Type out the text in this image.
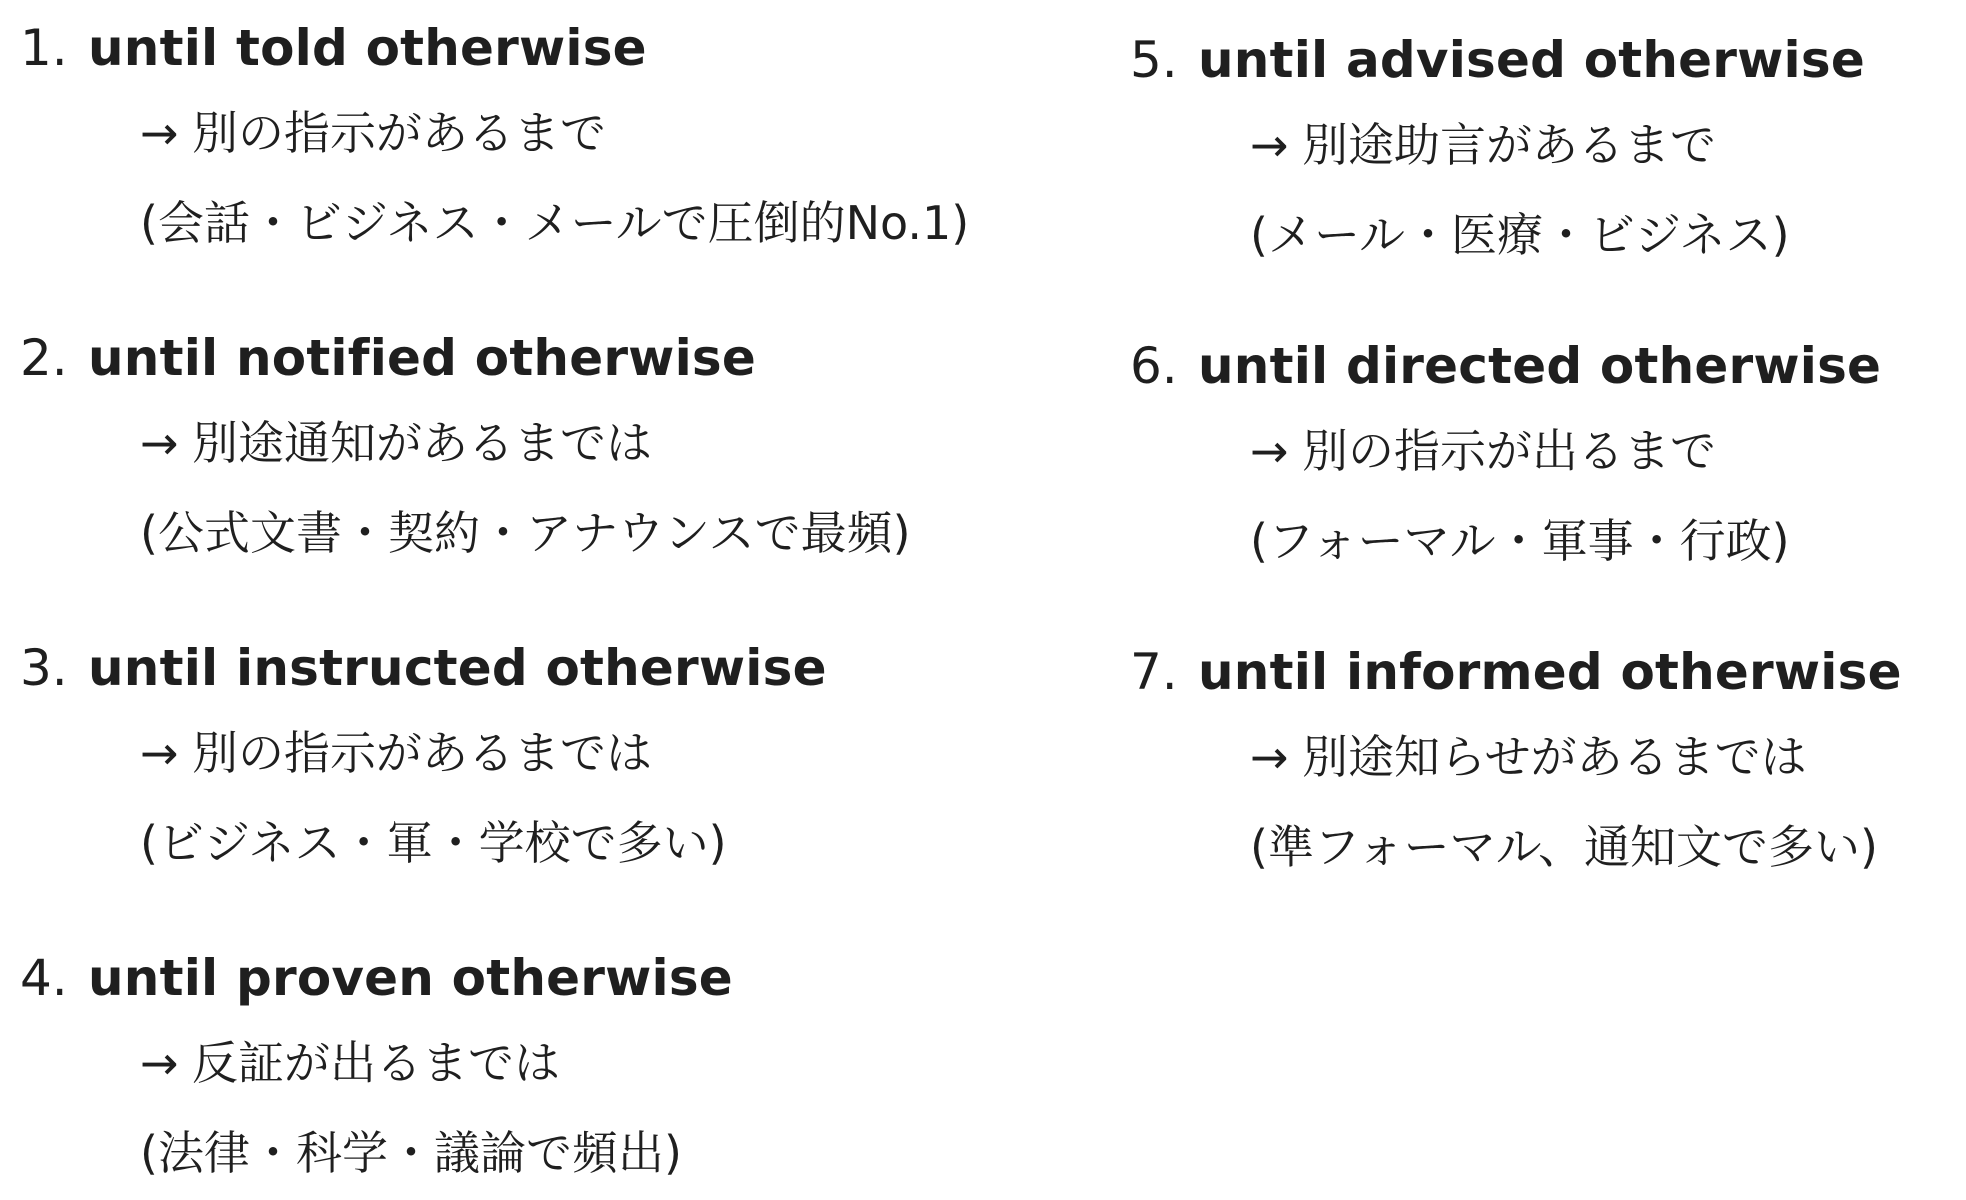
1. until told otherwise
→ 別の指示があるまで
(会話・ビジネス・メールで圧倒的No.1)
2. until notified otherwise
→ 別途通知があるまでは
(公式文書・契約・アナウンスで最頻)
3. until instructed otherwise
→ 別の指示があるまでは
(ビジネス・軍・学校で多い)
4. until proven otherwise
→ 反証が出るまでは
(法律・科学・議論で頻出)
5. until advised otherwise
→ 別途助言があるまで
(メール・医療・ビジネス)
6. until directed otherwise
→ 別の指示が出るまで
(フォーマル・軍事・行政)
7. until informed otherwise
→ 別途知らせがあるまでは
(準フォーマル、通知文で多い)
